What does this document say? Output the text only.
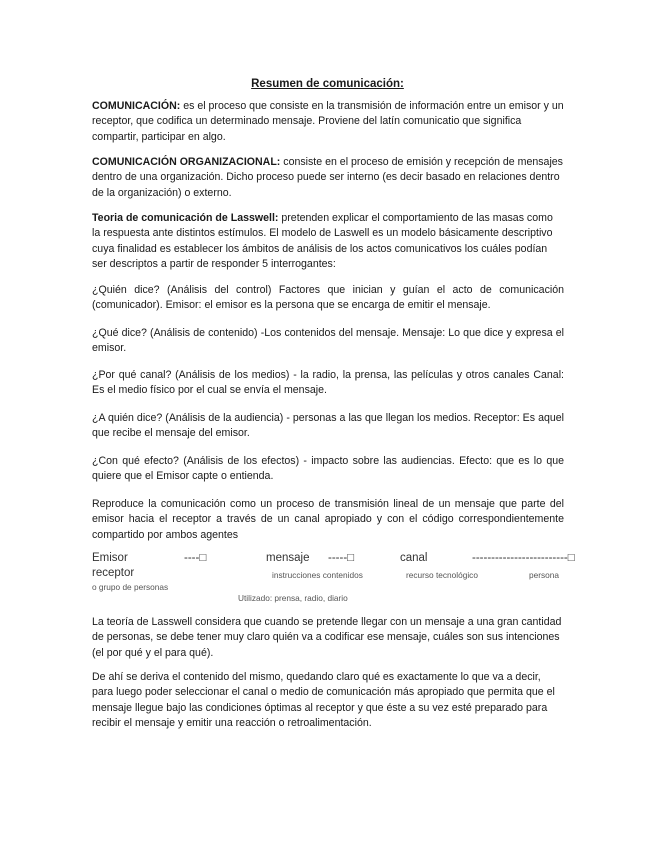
Resumen de comunicación:

COMUNICACIÓN: es el proceso que consiste en la transmisión de información entre un emisor y un receptor, que codifica un determinado mensaje. Proviene del latín comunicatio que significa compartir, participar en algo.

COMUNICACIÓN ORGANIZACIONAL: consiste en el proceso de emisión y recepción de mensajes dentro de una organización. Dicho proceso puede ser interno (es decir basado en relaciones dentro de la organización) o externo.

Teoria de comunicación de Lasswell: pretenden explicar el comportamiento de las masas como la respuesta ante distintos estímulos. El modelo de Laswell es un modelo básicamente descriptivo cuya finalidad es establecer los ámbitos de análisis de los actos comunicativos los cuáles podían ser descriptos a partir de responder 5 interrogantes:

¿Quién dice? (Análisis del control) Factores que inician y guían el acto de comunicación (comunicador). Emisor: el emisor es la persona que se encarga de emitir el mensaje.

¿Qué dice? (Análisis de contenido) -Los contenidos del mensaje. Mensaje: Lo que dice y expresa el emisor.

¿Por qué canal? (Análisis de los medios) - la radio, la prensa, las películas y otros canales Canal: Es el medio físico por el cual se envía el mensaje.

¿A quién dice? (Análisis de la audiencia) - personas a las que llegan los medios. Receptor: Es aquel que recibe el mensaje del emisor.

¿Con qué efecto? (Análisis de los efectos) - impacto sobre las audiencias. Efecto: que es lo que quiere que el Emisor capte o entienda.

Reproduce la comunicación como un proceso de transmisión lineal de un mensaje que parte del emisor hacia el receptor a través de un canal apropiado y con el código correspondientemente compartido por ambos agentes

Emisor	----□	mensaje -----□	canal	-------------------------□
receptor	instrucciones contenidos	recurso tecnológico	persona
o grupo de personas
Utilizado: prensa, radio, diario

La teoría de Lasswell considera que cuando se pretende llegar con un mensaje a una gran cantidad de personas, se debe tener muy claro quién va a codificar ese mensaje, cuáles son sus intenciones (el por qué y el para qué).

De ahí se deriva el contenido del mismo, quedando claro qué es exactamente lo que va a decir, para luego poder seleccionar el canal o medio de comunicación más apropiado que permita que el mensaje llegue bajo las condiciones óptimas al receptor y que éste a su vez esté preparado para recibir el mensaje y emitir una reacción o retroalimentación.
